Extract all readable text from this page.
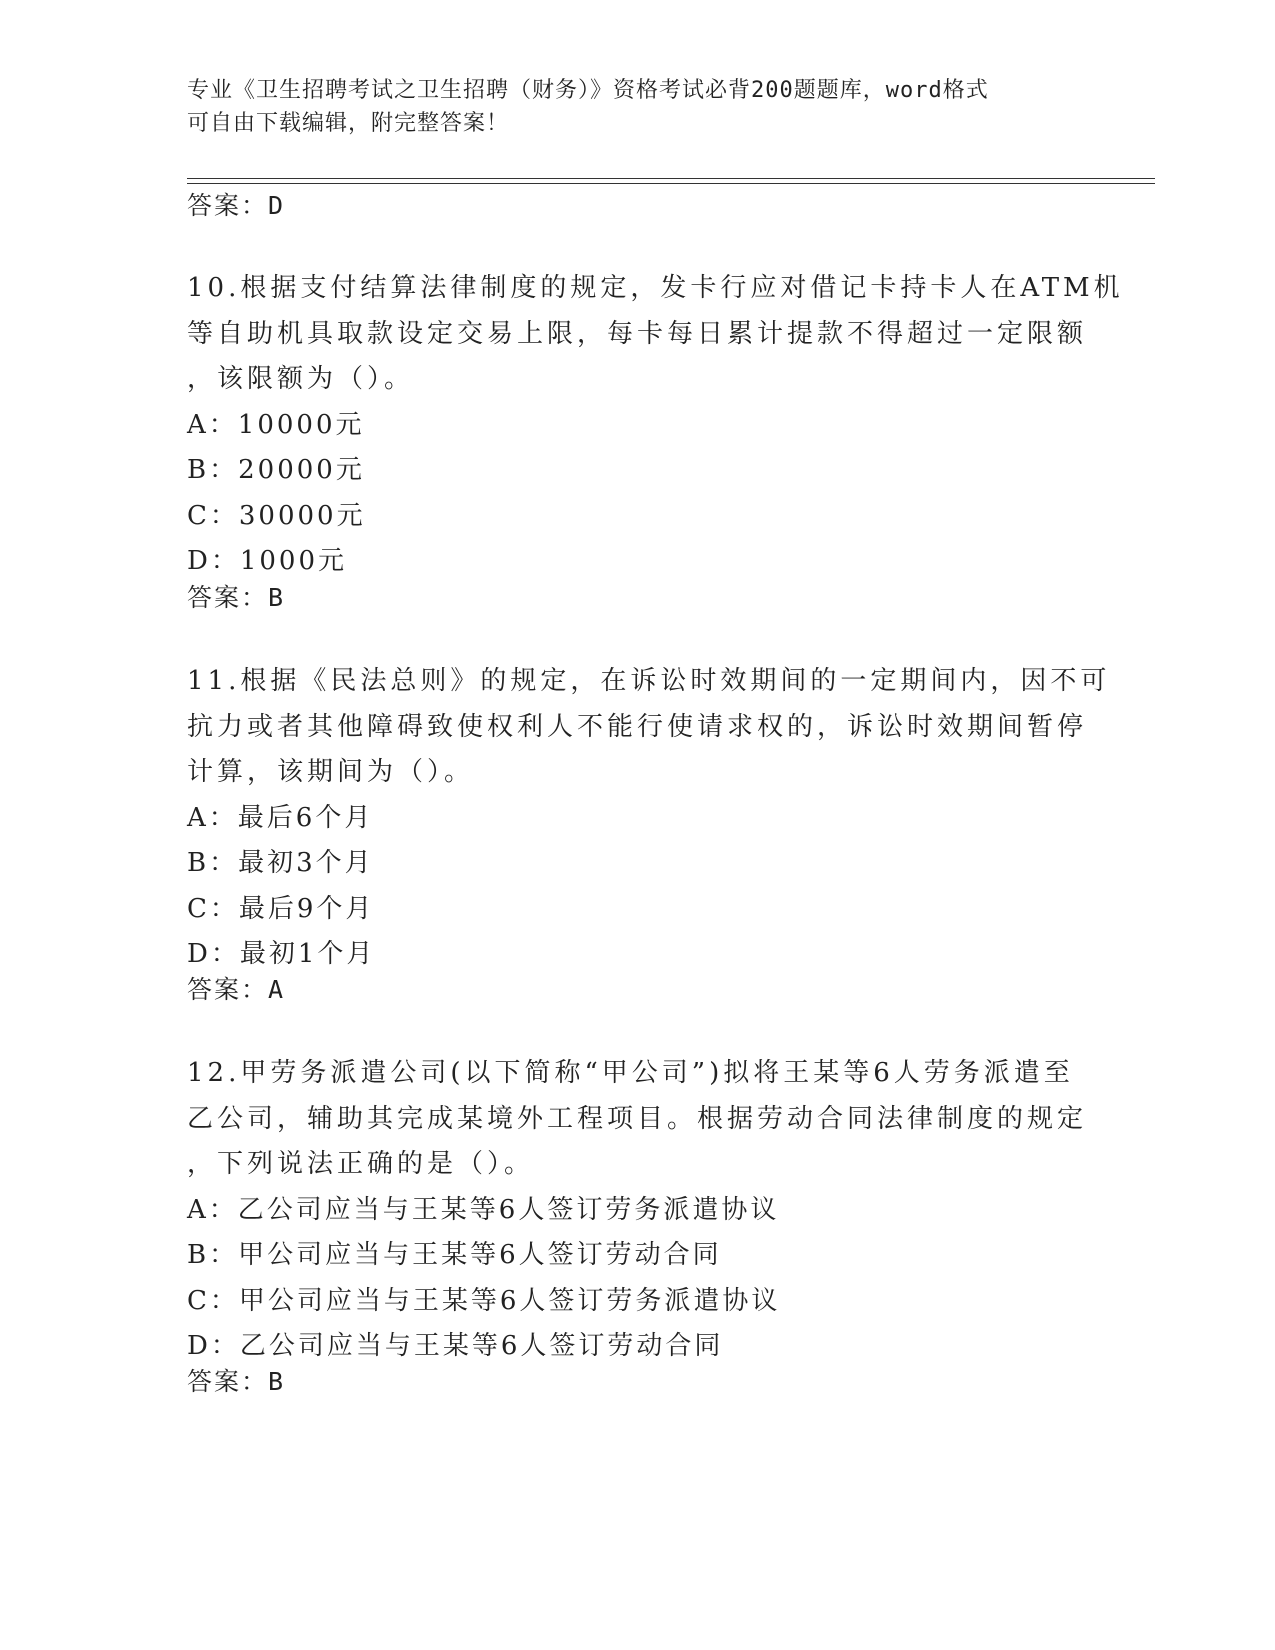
专业《卫生招聘考试之卫生招聘（财务）》资格考试必背200题题库，word格式
可自由下载编辑，附完整答案！
答案：D
10.根据支付结算法律制度的规定，发卡行应对借记卡持卡人在ATM机
等自助机具取款设定交易上限，每卡每日累计提款不得超过一定限额
，该限额为（）。
A：10000元
B：20000元
C：30000元
D：1000元
答案：B
11.根据《民法总则》的规定，在诉讼时效期间的一定期间内，因不可
抗力或者其他障碍致使权利人不能行使请求权的，诉讼时效期间暂停
计算，该期间为（）。
A：最后6个月
B：最初3个月
C：最后9个月
D：最初1个月
答案：A
12.甲劳务派遣公司(以下简称“甲公司”)拟将王某等6人劳务派遣至
乙公司，辅助其完成某境外工程项目。根据劳动合同法律制度的规定
，下列说法正确的是（）。
A：乙公司应当与王某等6人签订劳务派遣协议
B：甲公司应当与王某等6人签订劳动合同
C：甲公司应当与王某等6人签订劳务派遣协议
D：乙公司应当与王某等6人签订劳动合同
答案：B
